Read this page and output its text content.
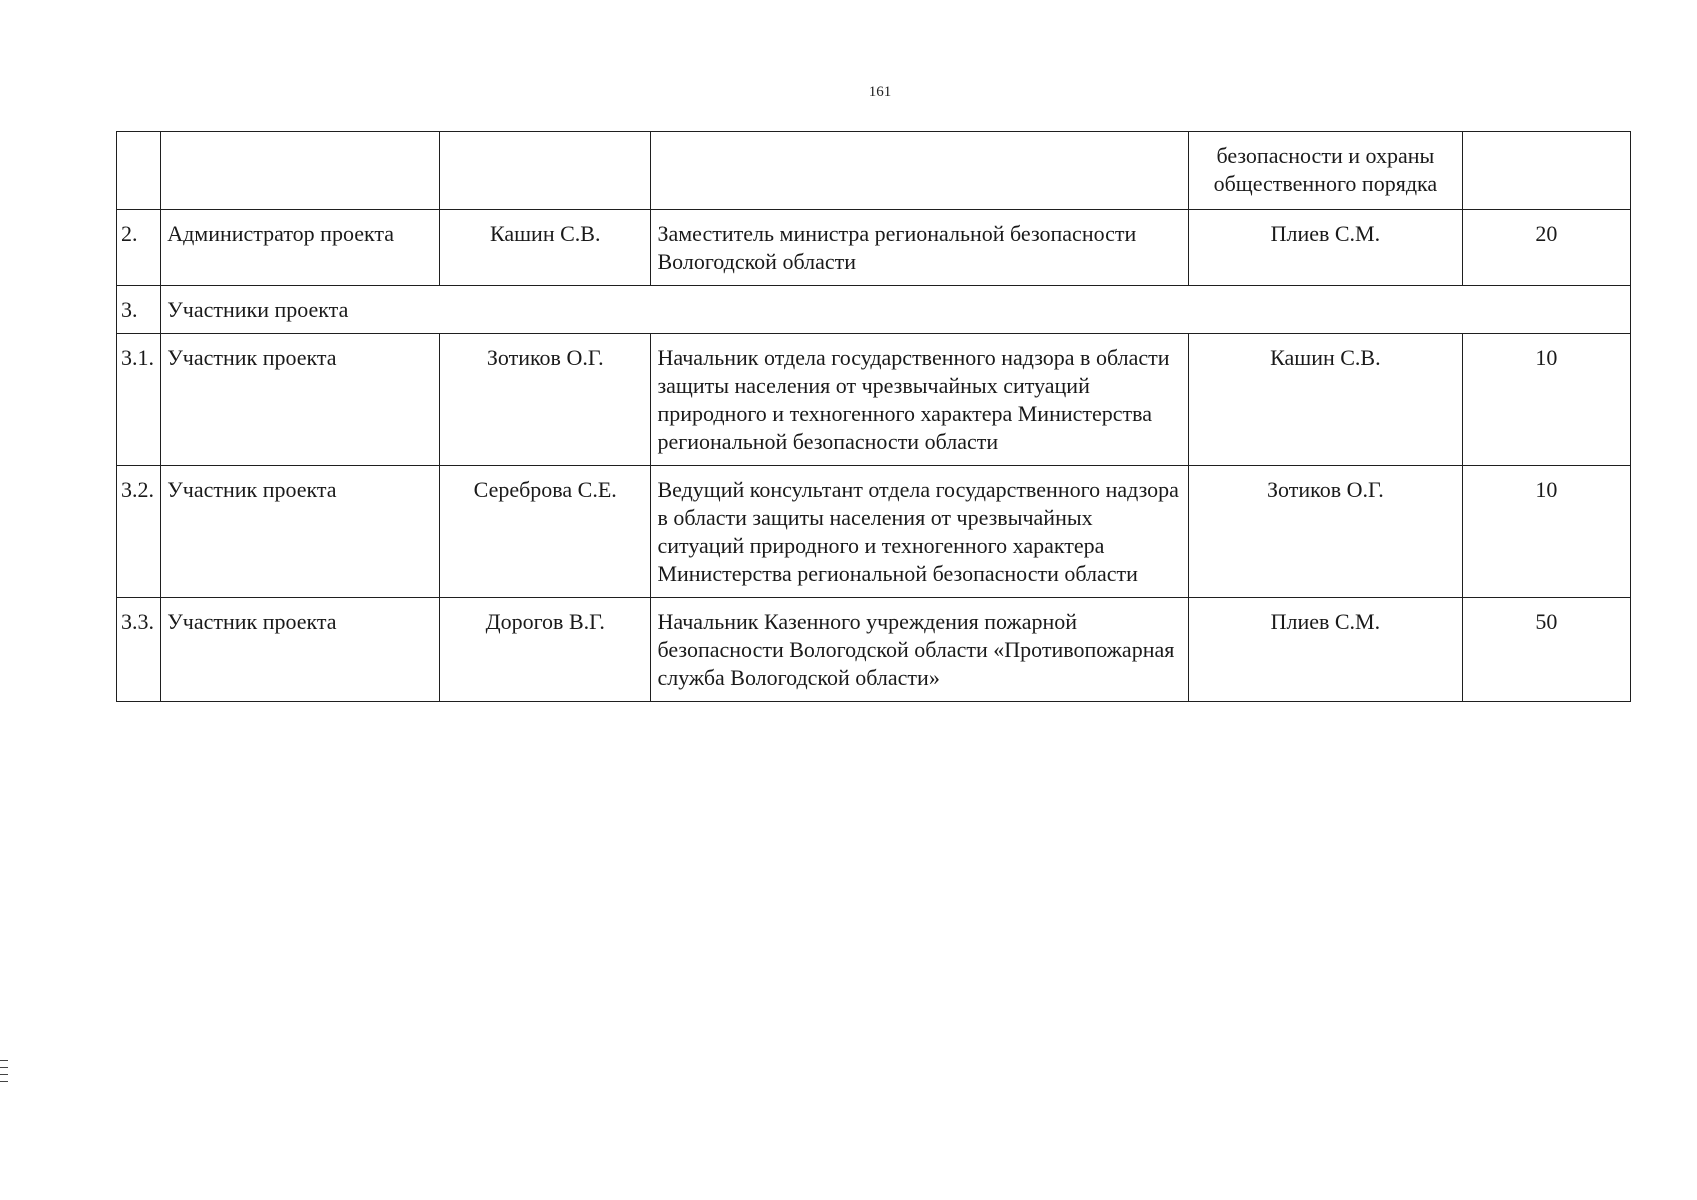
161
				безопасности и охраны общественного порядка	
2.	Администратор проекта	Кашин С.В.	Заместитель министра региональной безопасности Вологодской области	Плиев С.М.	20
3.	Участники проекта				
3.1.	Участник проекта	Зотиков О.Г.	Начальник отдела государственного надзора в области защиты населения от чрезвычайных ситуаций природного и техногенного характера Министерства региональной безопасности области	Кашин С.В.	10
3.2.	Участник проекта	Сереброва С.Е.	Ведущий консультант отдела государственного надзора в области защиты населения от чрезвычайных ситуаций природного и техногенного характера Министерства региональной безопасности области	Зотиков О.Г.	10
3.3.	Участник проекта	Дорогов В.Г.	Начальник Казенного учреждения пожарной безопасности Вологодской области «Противопожарная служба Вологодской области»	Плиев С.М.	50
